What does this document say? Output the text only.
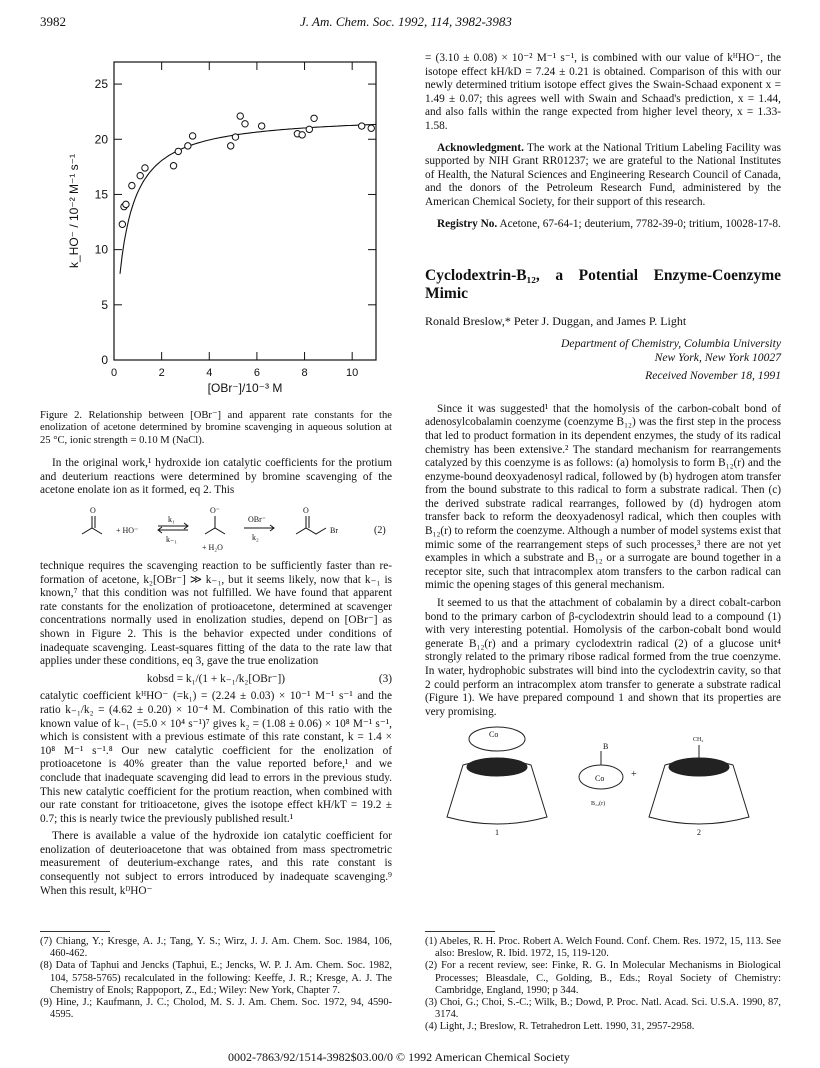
3982	J. Am. Chem. Soc. 1992, 114, 3982-3983
0	2	4	6	8	10
0
5
10
15
20
25
[OBr⁻]/10⁻³ M
k_HO⁻ / 10⁻² M⁻¹ s⁻¹
Figure 2. Relationship between [OBr⁻] and apparent rate constants for the enolization of acetone determined by bromine scavenging in aqueous solution at 25 °C, ionic strength = 0.10 M (NaCl).

In the original work,¹ hydroxide ion catalytic coefficients for the protium and deuterium reactions were determined by bromine scavenging of the acetone enolate ion as it formed, eq 2. This

O
+ HO⁻
k₁
k₋₁
O⁻
+ H₂O
OBr⁻
k₂
O
Br	(2)

technique requires the scavenging reaction to be sufficiently faster than re-formation of acetone, k₂[OBr⁻] ≫ k₋₁, but it seems likely, now that k₋₁ is known,⁷ that this condition was not fulfilled. We have found that apparent rate constants for the enolization of protioacetone, determined at scavenger concentrations normally used in enolization studies, depend on [OBr⁻] as shown in Figure 2. This is the behavior expected under conditions of inadequate scavenging. Least-squares fitting of the data to the rate law that applies under these conditions, eq 3, gave the true enolization

kobsd = k₁/(1 + k₋₁/k₂[OBr⁻])	(3)

catalytic coefficient kᴴHO⁻ (=k₁) = (2.24 ± 0.03) × 10⁻¹ M⁻¹ s⁻¹ and the ratio k₋₁/k₂ = (4.62 ± 0.20) × 10⁻⁴ M. Combination of this ratio with the known value of k₋₁ (=5.0 × 10⁴ s⁻¹)⁷ gives k₂ = (1.08 ± 0.06) × 10⁸ M⁻¹ s⁻¹, which is consistent with a previous estimate of this rate constant, k = 1.4 × 10⁸ M⁻¹ s⁻¹.⁸ Our new catalytic coefficient for the enolization of protioacetone is 40% greater than the value reported before,¹ and we conclude that inadequate scavenging did lead to errors in the previous study. This new catalytic coefficient for the protium reaction, when combined with our rate constant for tritioacetone, gives the isotope effect kH/kT = 19.2 ± 0.7; this is nearly twice the previously published result.¹

There is available a value of the hydroxide ion catalytic coefficient for enolization of deuterioacetone that was obtained from mass spectrometric measurement of deuterium-exchange rates, and this rate constant is consequently not subject to errors introduced by inadequate scavenging.⁹ When this result, kᴰHO⁻

(7) Chiang, Y.; Kresge, A. J.; Tang, Y. S.; Wirz, J. J. Am. Chem. Soc. 1984, 106, 460-462.

(8) Data of Taphui and Jencks (Taphui, E.; Jencks, W. P. J. Am. Chem. Soc. 1982, 104, 5758-5765) recalculated in the following: Keeffe, J. R.; Kresge, A. J. The Chemistry of Enols; Rappoport, Z., Ed.; Wiley: New York, Chapter 7.

(9) Hine, J.; Kaufmann, J. C.; Cholod, M. S. J. Am. Chem. Soc. 1972, 94, 4590-4595.

= (3.10 ± 0.08) × 10⁻² M⁻¹ s⁻¹, is combined with our value of kᴴHO⁻, the isotope effect kH/kD = 7.24 ± 0.21 is obtained. Comparison of this with our newly determined tritium isotope effect gives the Swain-Schaad exponent x = 1.49 ± 0.07; this agrees well with Swain and Schaad's prediction, x = 1.44, and also falls within the range expected from higher level theory, x = 1.33-1.58.

Acknowledgment. The work at the National Tritium Labeling Facility was supported by NIH Grant RR01237; we are grateful to the National Institutes of Health, the Natural Sciences and Engineering Research Council of Canada, and the donors of the Petroleum Research Fund, administered by the American Chemical Society, for their support of this research.

Registry No. Acetone, 67-64-1; deuterium, 7782-39-0; tritium, 10028-17-8.

Cyclodextrin-B₁₂, a Potential Enzyme-Coenzyme Mimic
Ronald Breslow,* Peter J. Duggan, and James P. Light
Department of Chemistry, Columbia University
New York, New York 10027
Received November 18, 1991

Since it was suggested¹ that the homolysis of the carbon-cobalt bond of adenosylcobalamin coenzyme (coenzyme B₁₂) was the first step in the process that led to product formation in its dependent enzymes, the study of its radical chemistry has been extensive.² The standard mechanism for rearrangements catalyzed by this coenzyme is as follows: (a) homolysis to form B₁₂(r) and the enzyme-bound deoxyadenosyl radical, followed by (b) hydrogen atom transfer from the bound substrate to this radical to form a substrate radical. Then (c) the derived substrate radical rearranges, followed by (d) hydrogen atom transfer back to reform the deoxyadenosyl radical, which then couples with B₁₂(r) to reform the coenzyme. Although a number of model systems exist that mimic some of the rearrangement steps of such processes,³ there are not yet examples in which a substrate and B₁₂ or a surrogate are bound together in a receptor site, such that intracomplex atom transfers to the carbon radical can mimic the opening stages of this general mechanism.

It seemed to us that the attachment of cobalamin by a direct cobalt-carbon bond to the primary carbon of β-cyclodextrin should lead to a compound (1) with very interesting potential. Homolysis of the carbon-cobalt bond would generate B₁₂(r) and a primary cyclodextrin radical (2) of a glucose unit⁴ strongly related to the primary ribose radical formed from the true coenzyme. In water, hydrophobic substrates will bind into the cyclodextrin cavity, so that 2 could perform an intracomplex atom transfer to generate a substrate radical (Figure 1). We have prepared compound 1 and shown that its properties are very promising.

Co
B
Co
B₁₂(r)
CH₂
+
1	2

(1) Abeles, R. H. Proc. Robert A. Welch Found. Conf. Chem. Res. 1972, 15, 113. See also: Breslow, R. Ibid. 1972, 15, 119-120.

(2) For a recent review, see: Finke, R. G. In Molecular Mechanisms in Biological Processes; Bleasdale, C., Golding, B., Eds.; Royal Society of Chemistry: Cambridge, England, 1990; p 344.

(3) Choi, G.; Choi, S.-C.; Wilk, B.; Dowd, P. Proc. Natl. Acad. Sci. U.S.A. 1990, 87, 3174.

(4) Light, J.; Breslow, R. Tetrahedron Lett. 1990, 31, 2957-2958.

0002-7863/92/1514-3982$03.00/0 © 1992 American Chemical Society
